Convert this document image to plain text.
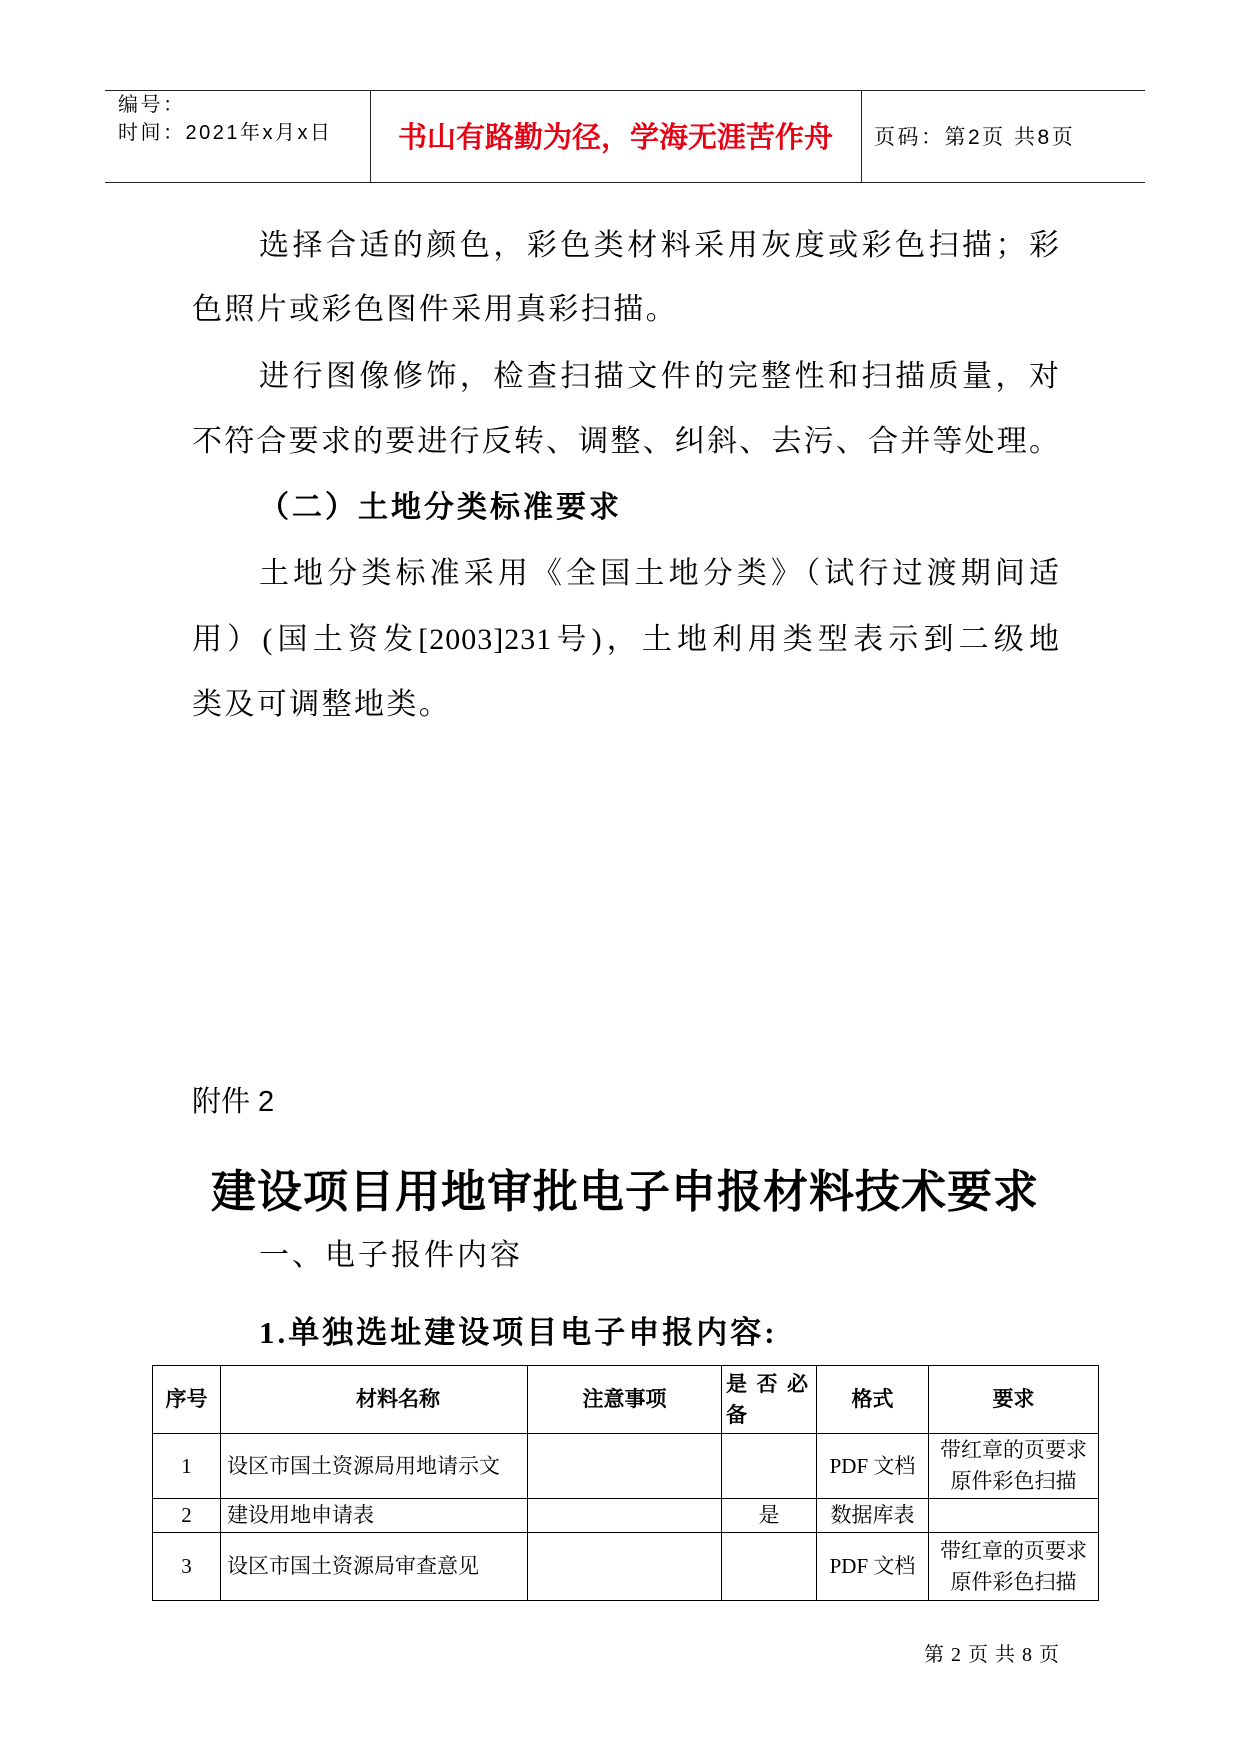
编号：
时间：2021年x月x日	书山有路勤为径，学海无涯苦作舟	页码：第2页 共8页
选择合适的颜色，彩色类材料采用灰度或彩色扫描；彩
色照片或彩色图件采用真彩扫描。
进行图像修饰，检查扫描文件的完整性和扫描质量，对
不符合要求的要进行反转、调整、纠斜、去污、合并等处理。
（二）土地分类标准要求
土地分类标准采用《全国土地分类》（试行过渡期间适
用）(国土资发[2003]231号)，土地利用类型表示到二级地
类及可调整地类。
附件 2
建设项目用地审批电子申报材料技术要求
一、电子报件内容
1.单独选址建设项目电子申报内容:
序号	材料名称	注意事项	是否必备	格式	要求
1	设区市国土资源局用地请示文			PDF 文档	带红章的页要求原件彩色扫描
2	建设用地申请表		是	数据库表	
3	设区市国土资源局审查意见			PDF 文档	带红章的页要求原件彩色扫描
第 2 页 共 8 页
